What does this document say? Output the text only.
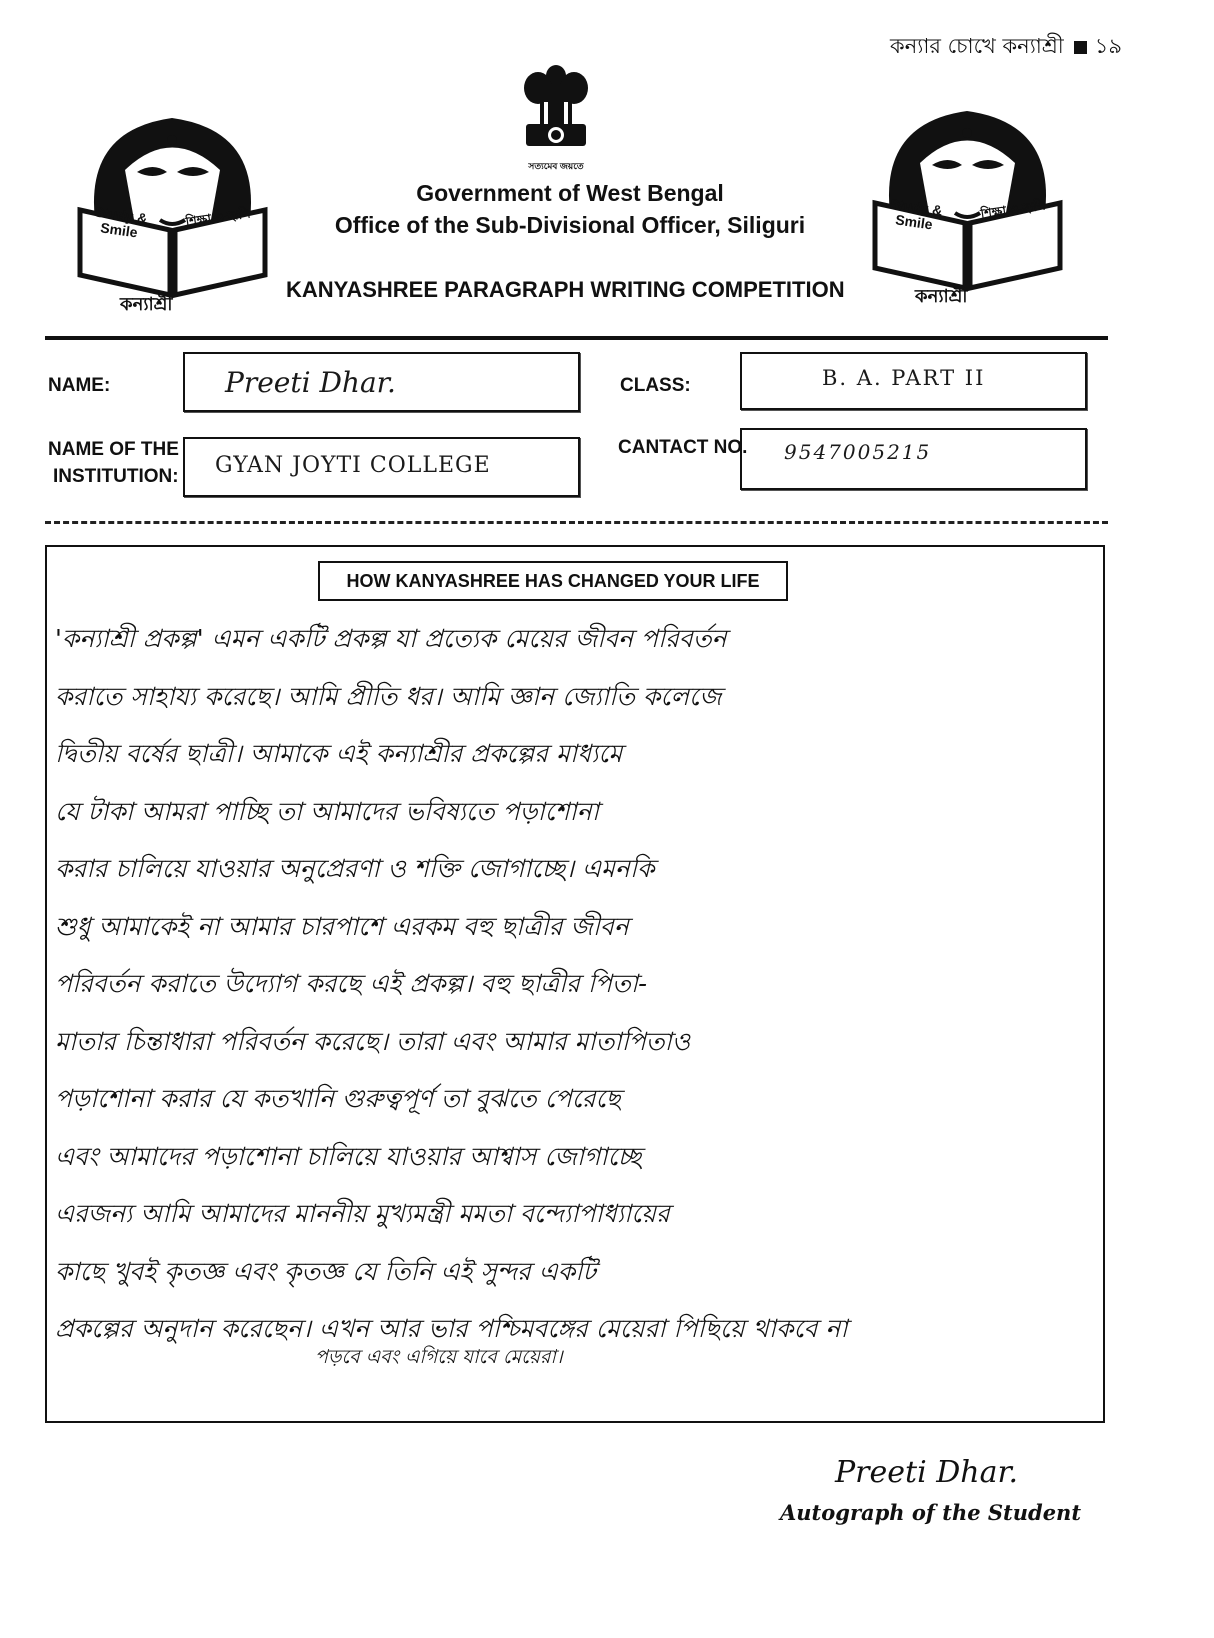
কন্যার চোখে কন্যাশ্রী ১৯
সত্যমেব জয়তে
Study & Smile
শিক্ষা ও হাসি
কন্যাশ্রী
Study & Smile
শিক্ষা ও হাসি
কন্যাশ্রী
Government of West Bengal
Office of the Sub-Divisional Officer, Siliguri
KANYASHREE PARAGRAPH WRITING COMPETITION
NAME:	Preeti Dhar.	CLASS:	B. A. PART II
NAME OF THE
INSTITUTION: GYAN JOYTI COLLEGE
CANTACT NO. 9547005215
HOW KANYASHREE HAS CHANGED YOUR LIFE
'কন্যাশ্রী প্রকল্প' এমন একটি প্রকল্প যা প্রত্যেক মেয়ের জীবন পরিবর্তন
করাতে সাহায্য করেছে। আমি প্রীতি ধর। আমি জ্ঞান জ্যোতি কলেজে
দ্বিতীয় বর্ষের ছাত্রী। আমাকে এই কন্যাশ্রীর প্রকল্পের মাধ্যমে
যে টাকা আমরা পাচ্ছি তা আমাদের ভবিষ্যতে পড়াশোনা
করার চালিয়ে যাওয়ার অনুপ্রেরণা ও শক্তি জোগাচ্ছে। এমনকি
শুধু আমাকেই না আমার চারপাশে এরকম বহু ছাত্রীর জীবন
পরিবর্তন করাতে উদ্যোগ করছে এই প্রকল্প। বহু ছাত্রীর পিতা-
মাতার চিন্তাধারা পরিবর্তন করেছে। তারা এবং আমার মাতাপিতাও
পড়াশোনা করার যে কতখানি গুরুত্বপূর্ণ তা বুঝতে পেরেছে
এবং আমাদের পড়াশোনা চালিয়ে যাওয়ার আশ্বাস জোগাচ্ছে
এরজন্য আমি আমাদের মাননীয় মুখ্যমন্ত্রী মমতা বন্দ্যোপাধ্যায়ের
কাছে খুবই কৃতজ্ঞ এবং কৃতজ্ঞ যে তিনি এই সুন্দর একটি
প্রকল্পের অনুদান করেছেন। এখন আর ভার পশ্চিমবঙ্গের মেয়েরা পিছিয়ে থাকবে না
পড়বে এবং এগিয়ে যাবে মেয়েরা।
Preeti Dhar.
Autograph of the Student
